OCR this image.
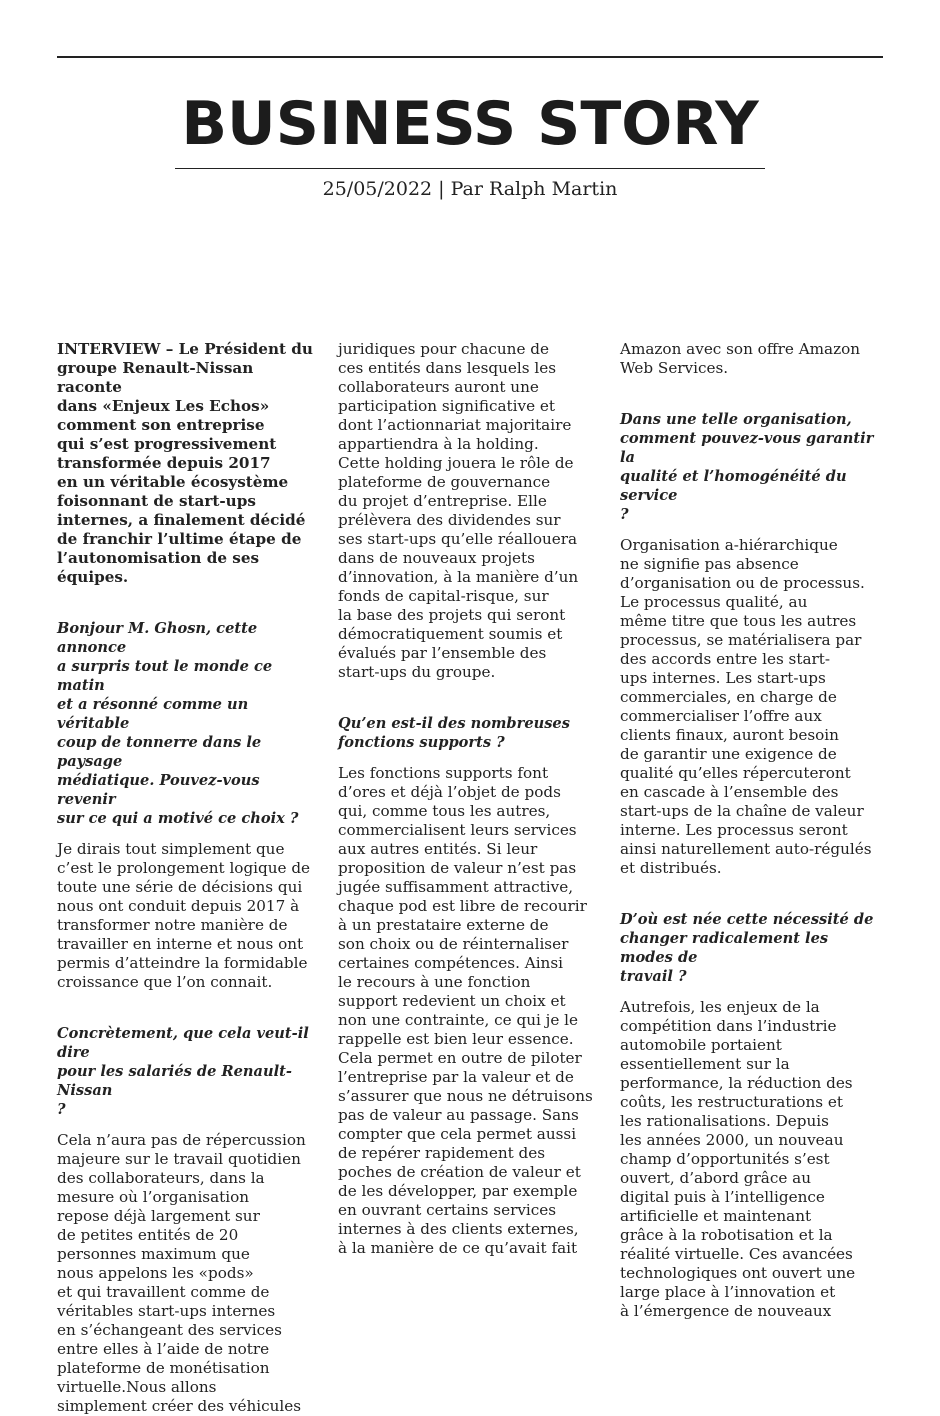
BUSINESS STORY
25/05/2022 | Par Ralph Martin

INTERVIEW – Le Président du
groupe Renault-Nissan raconte
dans «Enjeux Les Echos»
comment son entreprise
qui s’est progressivement
transformée depuis 2017
en un véritable écosystème
foisonnant de start-ups
internes, a finalement décidé
de franchir l’ultime étape de
l’autonomisation de ses équipes.

Bonjour M. Ghosn, cette annonce
a surpris tout le monde ce matin
et a résonné comme un véritable
coup de tonnerre dans le paysage
médiatique. Pouvez-vous revenir
sur ce qui a motivé ce choix ?

Je dirais tout simplement que
c’est le prolongement logique de
toute une série de décisions qui
nous ont conduit depuis 2017 à
transformer notre manière de
travailler en interne et nous ont
permis d’atteindre la formidable
croissance que l’on connait.

Concrètement, que cela veut-il dire
pour les salariés de Renault-Nissan
?

Cela n’aura pas de répercussion
majeure sur le travail quotidien
des collaborateurs, dans la
mesure où l’organisation
repose déjà largement sur
de petites entités de 20
personnes maximum que
nous appelons les «pods»
et qui travaillent comme de
véritables start-ups internes
en s’échangeant des services
entre elles à l’aide de notre
plateforme de monétisation
virtuelle.Nous allons
simplement créer des véhicules

juridiques pour chacune de
ces entités dans lesquels les
collaborateurs auront une
participation significative et
dont l’actionnariat majoritaire
appartiendra à la holding.
Cette holding jouera le rôle de
plateforme de gouvernance
du projet d’entreprise. Elle
prélèvera des dividendes sur
ses start-ups qu’elle réallouera
dans de nouveaux projets
d’innovation, à la manière d’un
fonds de capital-risque, sur
la base des projets qui seront
démocratiquement soumis et
évalués par l’ensemble des
start-ups du groupe.

Qu’en est-il des nombreuses
fonctions supports ?

Les fonctions supports font
d’ores et déjà l’objet de pods
qui, comme tous les autres,
commercialisent leurs services
aux autres entités. Si leur
proposition de valeur n’est pas
jugée suffisamment attractive,
chaque pod est libre de recourir
à un prestataire externe de
son choix ou de réinternaliser
certaines compétences. Ainsi
le recours à une fonction
support redevient un choix et
non une contrainte, ce qui je le
rappelle est bien leur essence.
Cela permet en outre de piloter
l’entreprise par la valeur et de
s’assurer que nous ne détruisons
pas de valeur au passage. Sans
compter que cela permet aussi
de repérer rapidement des
poches de création de valeur et
de les développer, par exemple
en ouvrant certains services
internes à des clients externes,
à la manière de ce qu’avait fait

Amazon avec son offre Amazon
Web Services.

Dans une telle organisation,
comment pouvez-vous garantir la
qualité et l’homogénéité du service
?

Organisation a-hiérarchique
ne signifie pas absence
d’organisation ou de processus.
Le processus qualité, au
même titre que tous les autres
processus, se matérialisera par
des accords entre les start-
ups internes. Les start-ups
commerciales, en charge de
commercialiser l’offre aux
clients finaux, auront besoin
de garantir une exigence de
qualité qu’elles répercuteront
en cascade à l’ensemble des
start-ups de la chaîne de valeur
interne. Les processus seront
ainsi naturellement auto-régulés
et distribués.

D’où est née cette nécessité de
changer radicalement les modes de
travail ?

Autrefois, les enjeux de la
compétition dans l’industrie
automobile portaient
essentiellement sur la
performance, la réduction des
coûts, les restructurations et
les rationalisations. Depuis
les années 2000, un nouveau
champ d’opportunités s’est
ouvert, d’abord grâce au
digital puis à l’intelligence
artificielle et maintenant
grâce à la robotisation et la
réalité virtuelle. Ces avancées
technologiques ont ouvert une
large place à l’innovation et
à l’émergence de nouveaux
